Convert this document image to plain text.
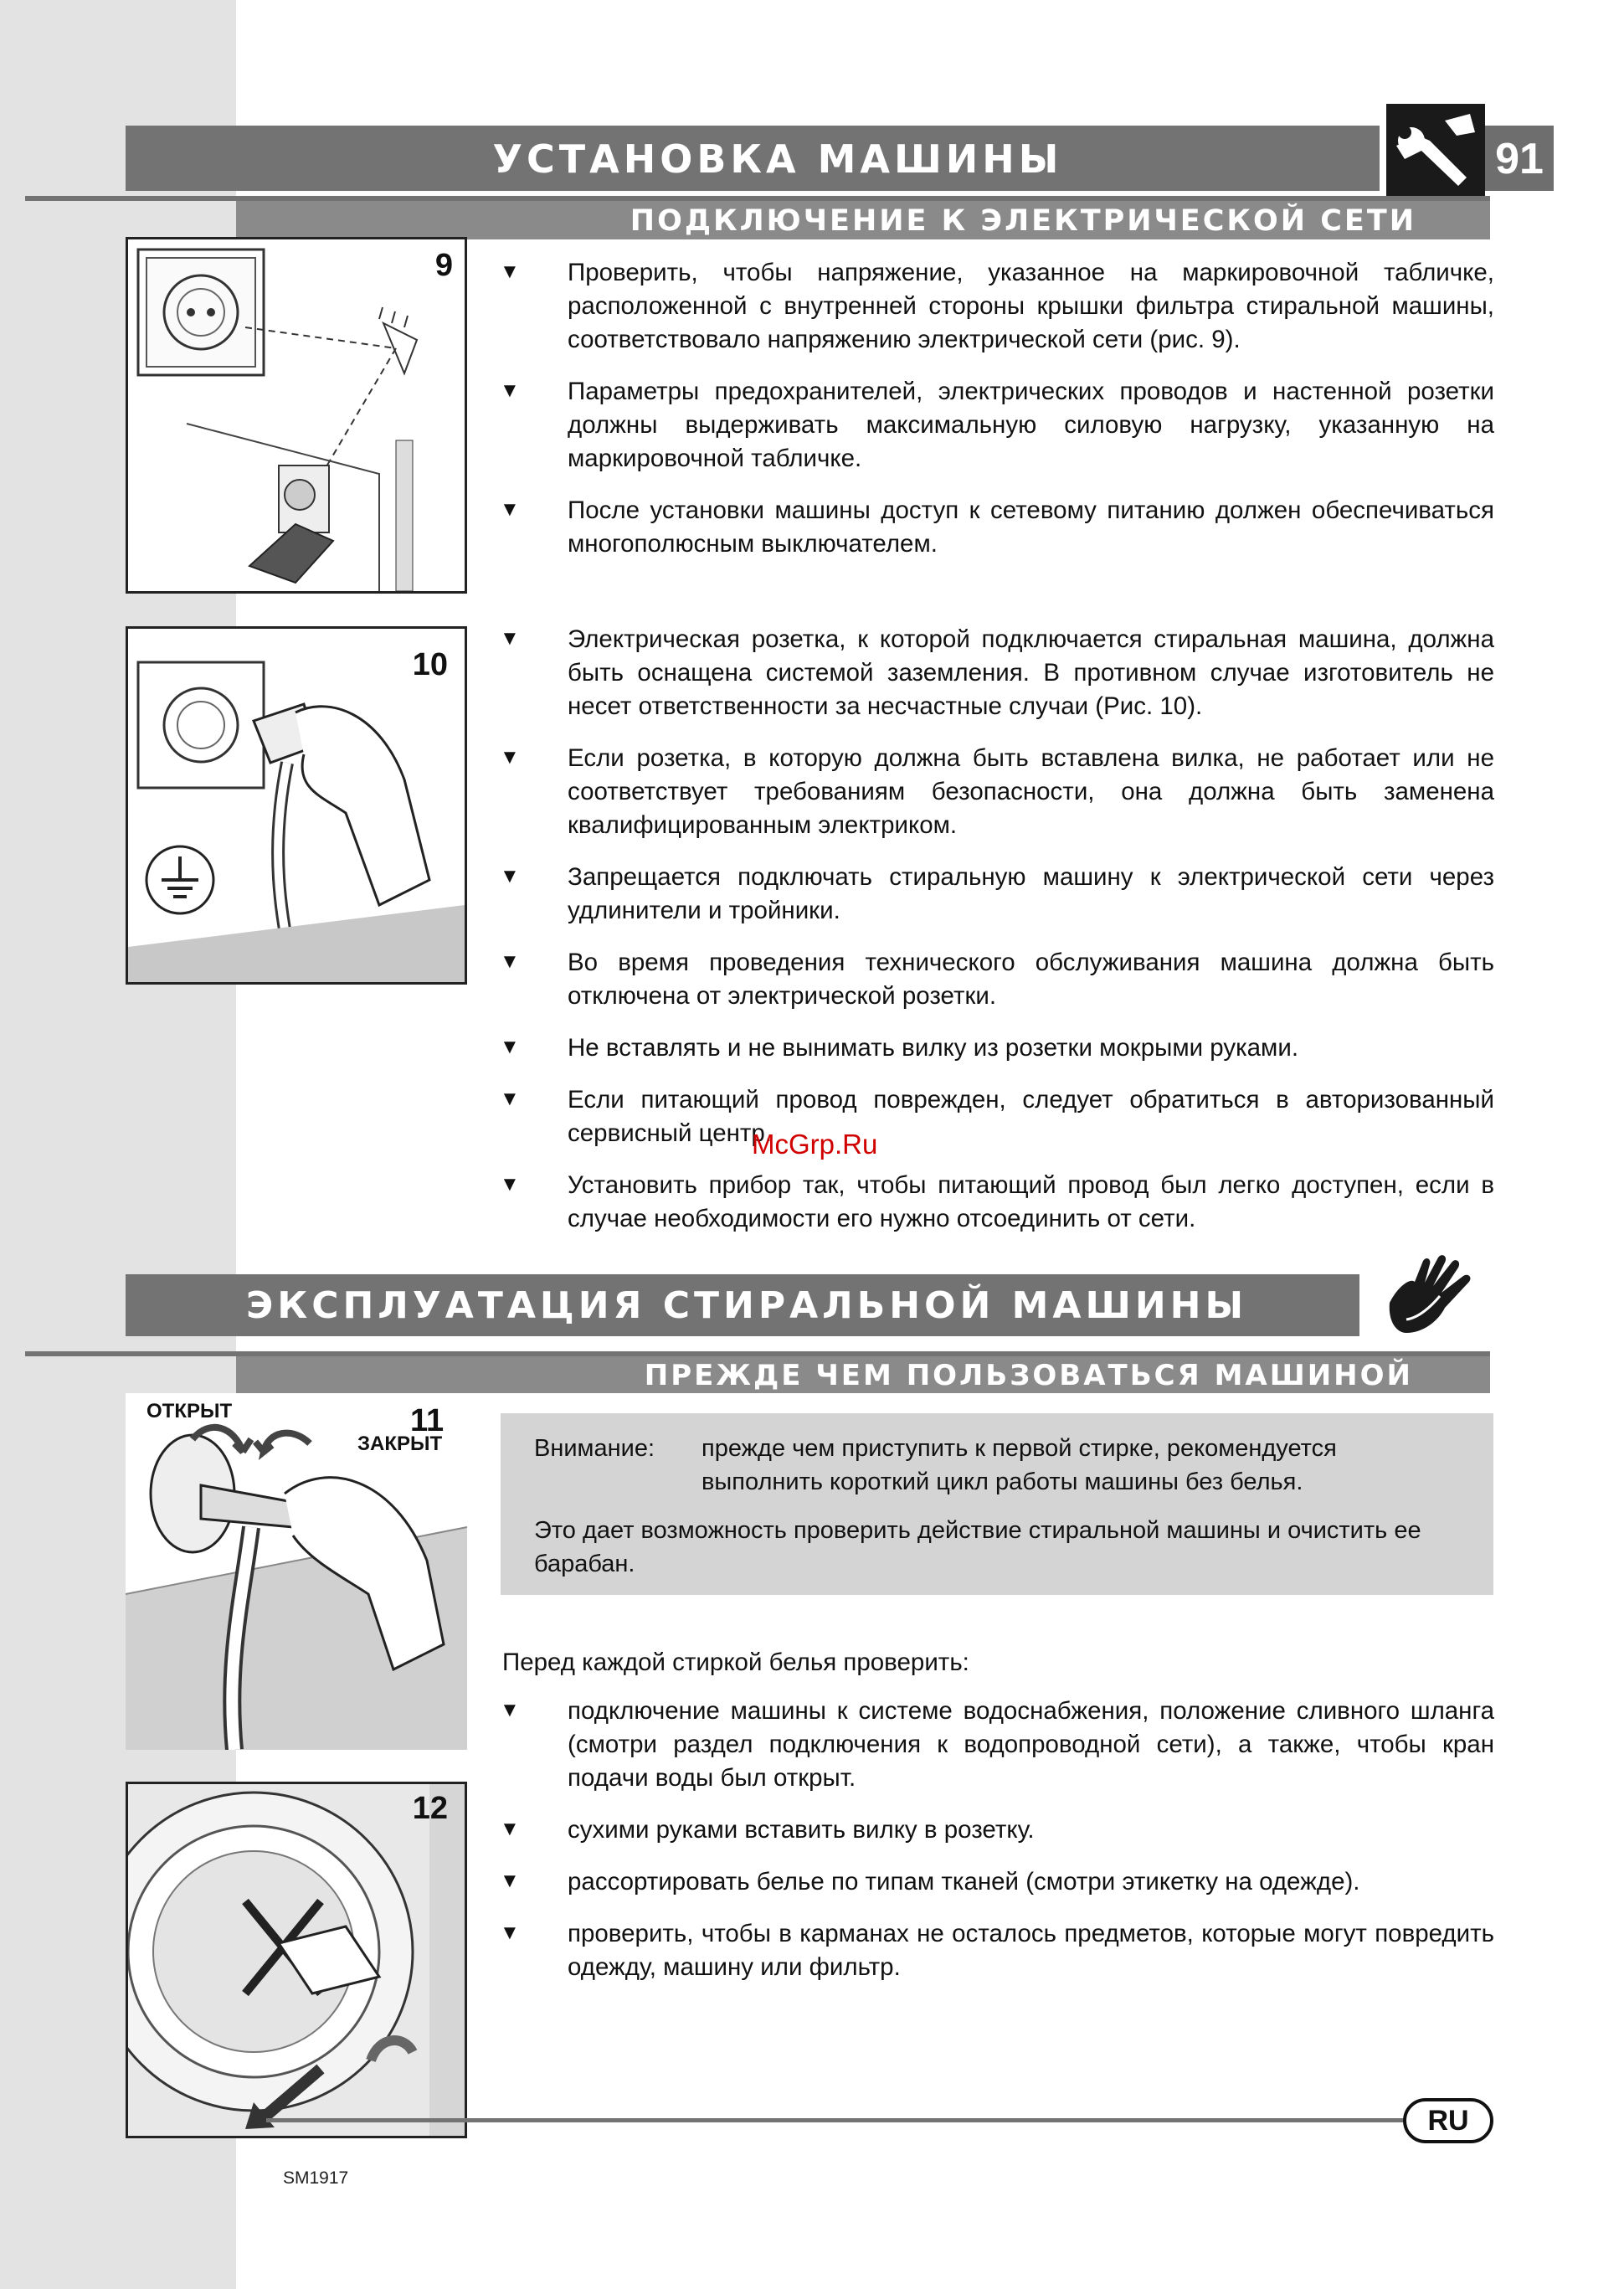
УСТАНОВКА МАШИНЫ	91
ПОДКЛЮЧЕНИЕ К ЭЛЕКТРИЧЕСКОЙ СЕТИ
9 ▼ Проверить, чтобы напряжение, указанное на маркировочной табличке, расположенной с внутренней стороны крышки фильтра стиральной машины, соответствовало напряжению электрической сети (рис. 9).
▼ Параметры предохранителей, электрических проводов и настенной розетки должны выдерживать максимальную силовую нагрузку, указанную на маркировочной табличке.
▼ После установки машины доступ к сетевому питанию должен обеспечиваться многополюсным выключателем.
10
▼ Электрическая розетка, к которой подключается стиральная машина, должна быть оснащена системой заземления. В противном случае изготовитель не несет ответственности за несчастные случаи (Рис. 10).
▼ Если розетка, в которую должна быть вставлена вилка, не работает или не соответствует требованиям безопасности, она должна быть заменена квалифицированным электриком.
▼ Запрещается подключать стиральную машину к электрической сети через удлинители и тройники.
▼ Во время проведения технического обслуживания машина должна быть отключена от электрической розетки.
▼ Не вставлять и не вынимать вилку из розетки мокрыми руками.
▼ Если питающий провод поврежден, следует обратиться в авторизованный сервисный центр.
▼ Установить прибор так, чтобы питающий провод был легко доступен, если в случае необходимости его нужно отсоединить от сети.
McGrp.Ru
ЭКСПЛУАТАЦИЯ СТИРАЛЬНОЙ МАШИНЫ
ПРЕЖДЕ ЧЕМ ПОЛЬЗОВАТЬСЯ МАШИНОЙ
ОТКРЫТ
ЗАКРЫТ
11
Внимание: прежде чем приступить к первой стирке, рекомендуется выполнить короткий цикл работы машины без белья.

Это дает возможность проверить действие стиральной машины и очистить ее барабан.

Перед каждой стиркой белья проверить:
▼ подключение машины к системе водоснабжения, положение сливного шланга (смотри раздел подключения к водопроводной сети), а также, чтобы кран подачи воды был открыт.
▼ сухими руками вставить вилку в розетку.
▼ рассортировать белье по типам тканей (смотри этикетку на одежде).
▼ проверить, чтобы в карманах не осталось предметов, которые могут повредить одежду, машину или фильтр.
12
RU
SM1917
